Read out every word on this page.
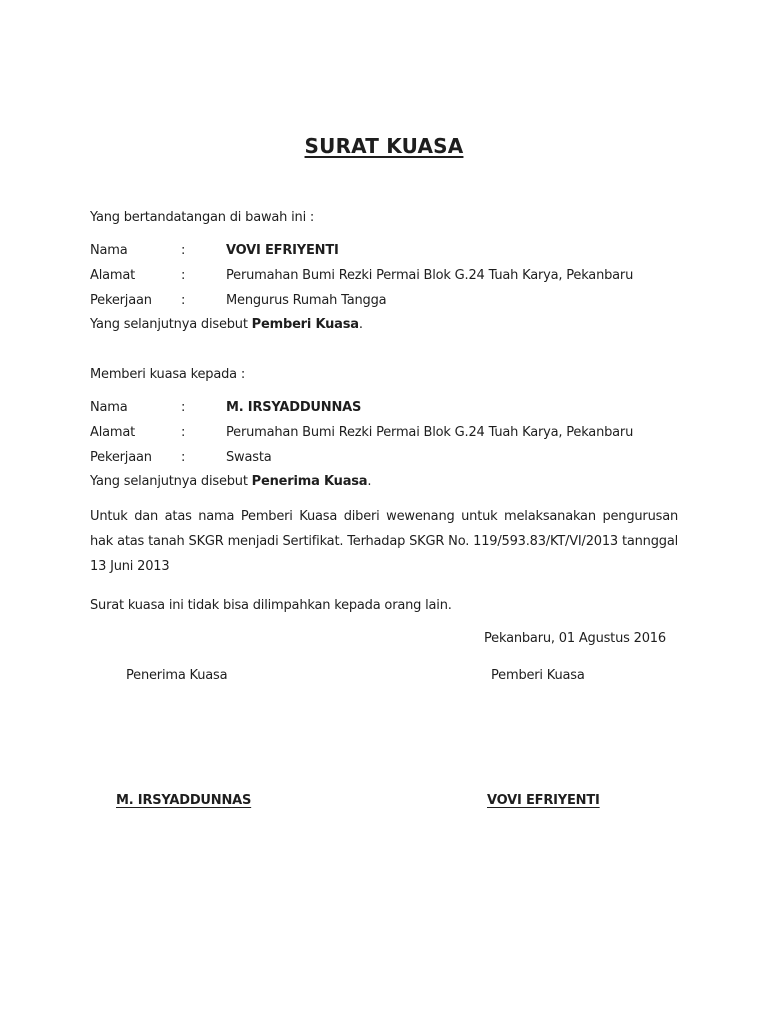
SURAT KUASA
Yang bertandatangan di bawah ini :
Nama	:	VOVI EFRIYENTI
Alamat	:	Perumahan Bumi Rezki Permai Blok G.24 Tuah Karya, Pekanbaru
Pekerjaan :	Mengurus Rumah Tangga
Yang selanjutnya disebut Pemberi Kuasa.
Memberi kuasa kepada :
Nama	:	M. IRSYADDUNNAS
Alamat	:	Perumahan Bumi Rezki Permai Blok G.24 Tuah Karya, Pekanbaru
Pekerjaan :	Swasta
Yang selanjutnya disebut Penerima Kuasa.
Untuk dan atas nama Pemberi Kuasa diberi wewenang untuk melaksanakan pengurusan hak atas tanah SKGR menjadi Sertifikat. Terhadap SKGR No. 119/593.83/KT/VI/2013 tannggal 13 Juni 2013
Surat kuasa ini tidak bisa dilimpahkan kepada orang lain.
Pekanbaru, 01 Agustus 2016
Penerima Kuasa	Pemberi Kuasa
M. IRSYADDUNNAS	VOVI EFRIYENTI
